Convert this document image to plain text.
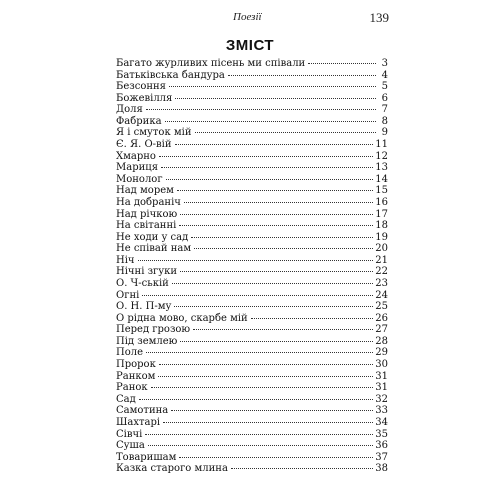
Поезії	139
ЗМІСТ
Багато журливих пісень ми співали	3
Батьківська бандура	4
Безсоння	5
Божевілля	6
Доля	7
Фабрика	8
Я і смуток мій	9
Є. Я. О-вій	11
Хмарно	12
Мариця	13
Монолог	14
Над морем	15
На добраніч	16
Над річкою	17
На світанні	18
Не ходи у сад	19
Не співай нам	20
Ніч	21
Нічні згуки	22
О. Ч-ській	23
Огні	24
О. Н. П-му	25
О рідна мово, скарбе мій	26
Перед грозою	27
Під землею	28
Поле	29
Пророк	30
Ранком	31
Ранок	31
Сад	32
Самотина	33
Шахтарі	34
Сівчі	35
Суша	36
Товаришам	37
Казка старого млина	38
